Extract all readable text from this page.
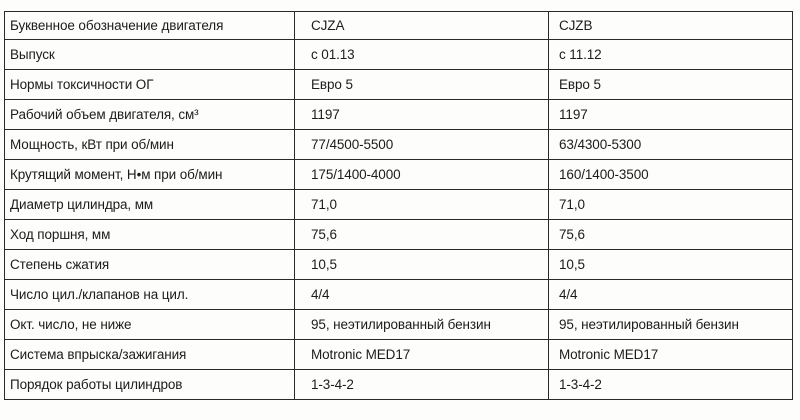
Буквенное обозначение двигателя	CJZA	CJZB
Выпуск	с 01.13	с 11.12
Нормы токсичности ОГ	Евро 5	Евро 5
Рабочий объем двигателя, см³	1197	1197
Мощность, кВт при об/мин	77/4500-5500	63/4300-5300
Крутящий момент, Н•м при об/мин	175/1400-4000	160/1400-3500
Диаметр цилиндра, мм	71,0	71,0
Ход поршня, мм	75,6	75,6
Степень сжатия	10,5	10,5
Число цил./клапанов на цил.	4/4	4/4
Окт. число, не ниже	95, неэтилированный бензин	95, неэтилированный бензин
Система впрыска/зажигания	Motronic MED17	Motronic MED17
Порядок работы цилиндров	1-3-4-2	1-3-4-2
